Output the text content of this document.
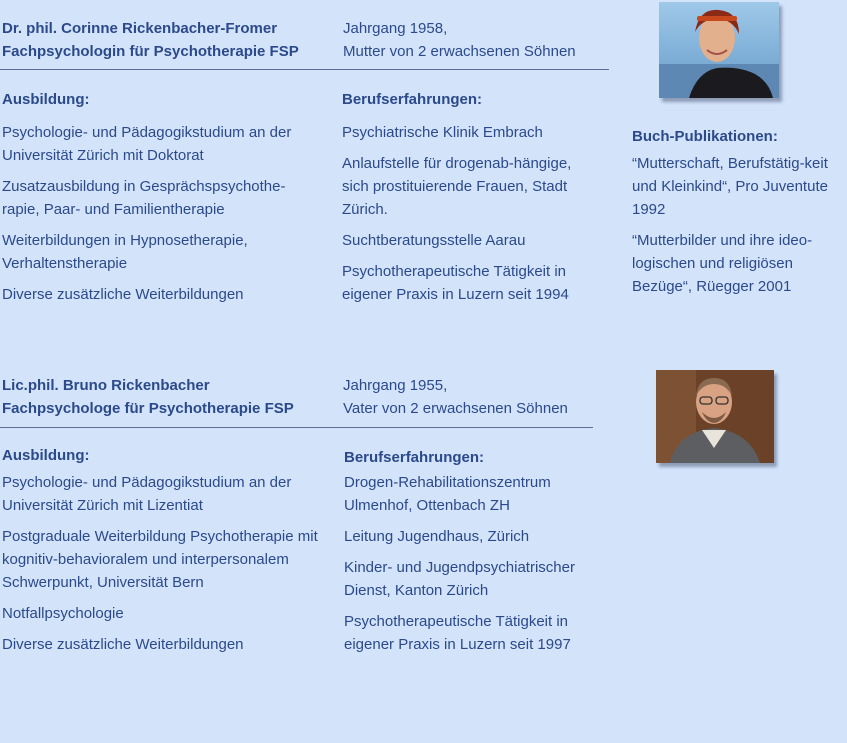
Dr. phil. Corinne Rickenbacher-Fromer
Fachpsychologin für Psychotherapie FSP
Jahrgang 1958,
Mutter von 2 erwachsenen Söhnen
Ausbildung:
Psychologie- und Pädagogikstudium an der Universität Zürich mit Doktorat
Zusatzausbildung in Gesprächspsychothe-rapie, Paar- und Familientherapie
Weiterbildungen in Hypnosetherapie, Verhaltenstherapie
Diverse zusätzliche Weiterbildungen
Berufserfahrungen:
Psychiatrische Klinik Embrach
Anlaufstelle für drogenab-hängige, sich prostituierende Frauen, Stadt Zürich.
Suchtberatungsstelle Aarau
Psychotherapeutische Tätigkeit in eigener Praxis in Luzern seit 1994
Buch-Publikationen:
“Mutterschaft, Berufstätig-keit und Kleinkind“, Pro Juventute 1992
“Mutterbilder und ihre ideo-logischen und religiösen Bezüge“, Rüegger 2001
Lic.phil. Bruno Rickenbacher
Fachpsychologe für Psychotherapie FSP
Jahrgang 1955,
Vater von 2 erwachsenen Söhnen
Ausbildung:
Psychologie- und Pädagogikstudium an der Universität Zürich mit Lizentiat
Postgraduale Weiterbildung Psychotherapie mit kognitiv-behavioralem und interpersonalem Schwerpunkt, Universität Bern
Notfallpsychologie
Diverse zusätzliche Weiterbildungen
Berufserfahrungen:
Drogen-Rehabilitationszentrum Ulmenhof, Ottenbach ZH
Leitung Jugendhaus, Zürich
Kinder- und Jugendpsychiatrischer Dienst, Kanton Zürich
Psychotherapeutische Tätigkeit in eigener Praxis in Luzern seit 1997
